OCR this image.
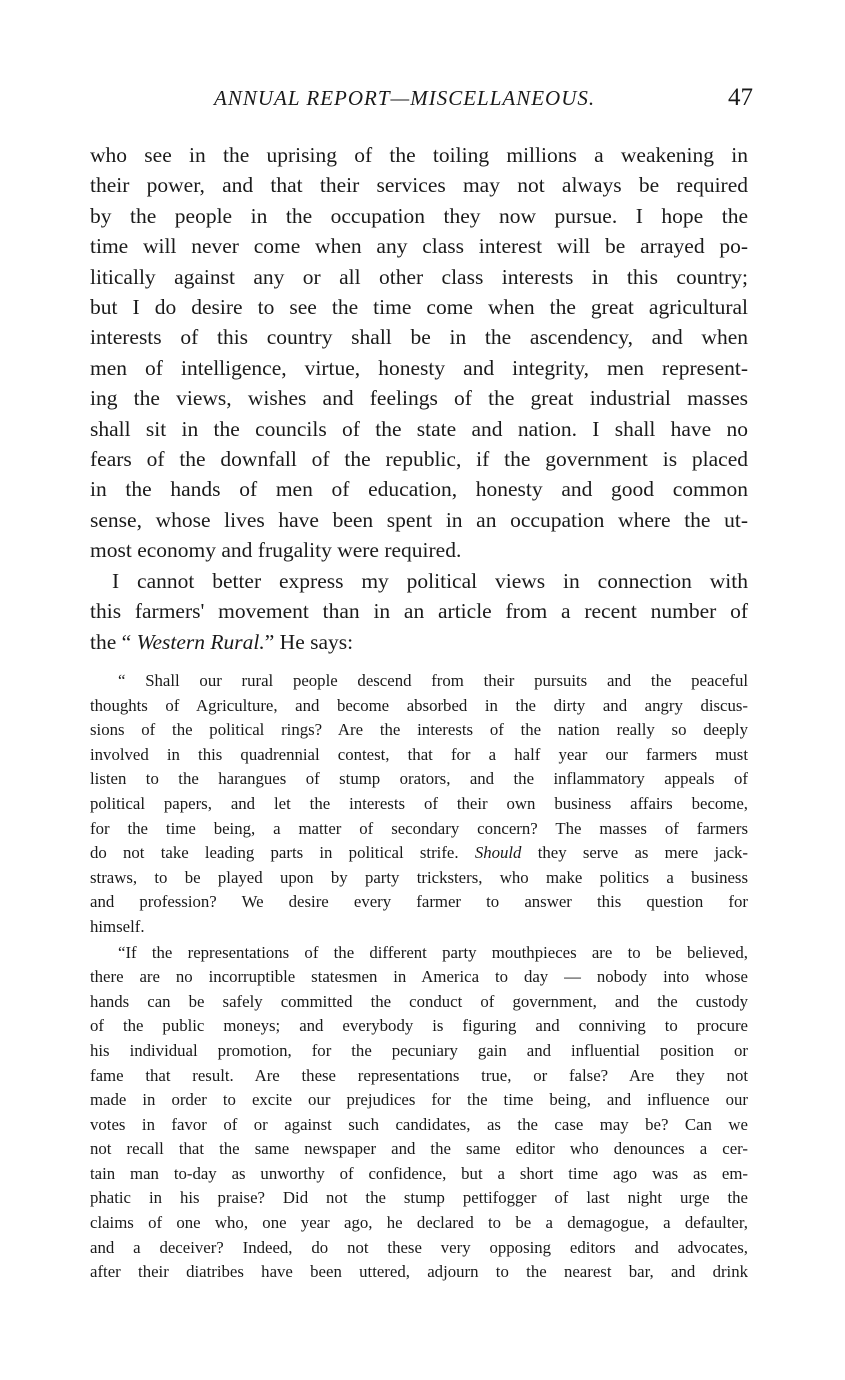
ANNUAL REPORT—MISCELLANEOUS.	47
who see in the uprising of the toiling millions a weakening in
their power, and that their services may not always be required
by the people in the occupation they now pursue. I hope the
time will never come when any class interest will be arrayed po-
litically against any or all other class interests in this country;
but I do desire to see the time come when the great agricultural
interests of this country shall be in the ascendency, and when
men of intelligence, virtue, honesty and integrity, men represent-
ing the views, wishes and feelings of the great industrial masses
shall sit in the councils of the state and nation. I shall have no
fears of the downfall of the republic, if the government is placed
in the hands of men of education, honesty and good common
sense, whose lives have been spent in an occupation where the ut-
most economy and frugality were required.
I cannot better express my political views in connection with
this farmers' movement than in an article from a recent number of
the “ Western Rural.” He says:
“ Shall our rural people descend from their pursuits and the peaceful
thoughts of Agriculture, and become absorbed in the dirty and angry discus-
sions of the political rings? Are the interests of the nation really so deeply
involved in this quadrennial contest, that for a half year our farmers must
listen to the harangues of stump orators, and the inflammatory appeals of
political papers, and let the interests of their own business affairs become,
for the time being, a matter of secondary concern? The masses of farmers
do not take leading parts in political strife. Should they serve as mere jack-
straws, to be played upon by party tricksters, who make politics a business
and profession? We desire every farmer to answer this question for
himself.
“If the representations of the different party mouthpieces are to be believed,
there are no incorruptible statesmen in America to day — nobody into whose
hands can be safely committed the conduct of government, and the custody
of the public moneys; and everybody is figuring and conniving to procure
his individual promotion, for the pecuniary gain and influential position or
fame that result. Are these representations true, or false? Are they not
made in order to excite our prejudices for the time being, and influence our
votes in favor of or against such candidates, as the case may be? Can we
not recall that the same newspaper and the same editor who denounces a cer-
tain man to-day as unworthy of confidence, but a short time ago was as em-
phatic in his praise? Did not the stump pettifogger of last night urge the
claims of one who, one year ago, he declared to be a demagogue, a defaulter,
and a deceiver? Indeed, do not these very opposing editors and advocates,
after their diatribes have been uttered, adjourn to the nearest bar, and drink
